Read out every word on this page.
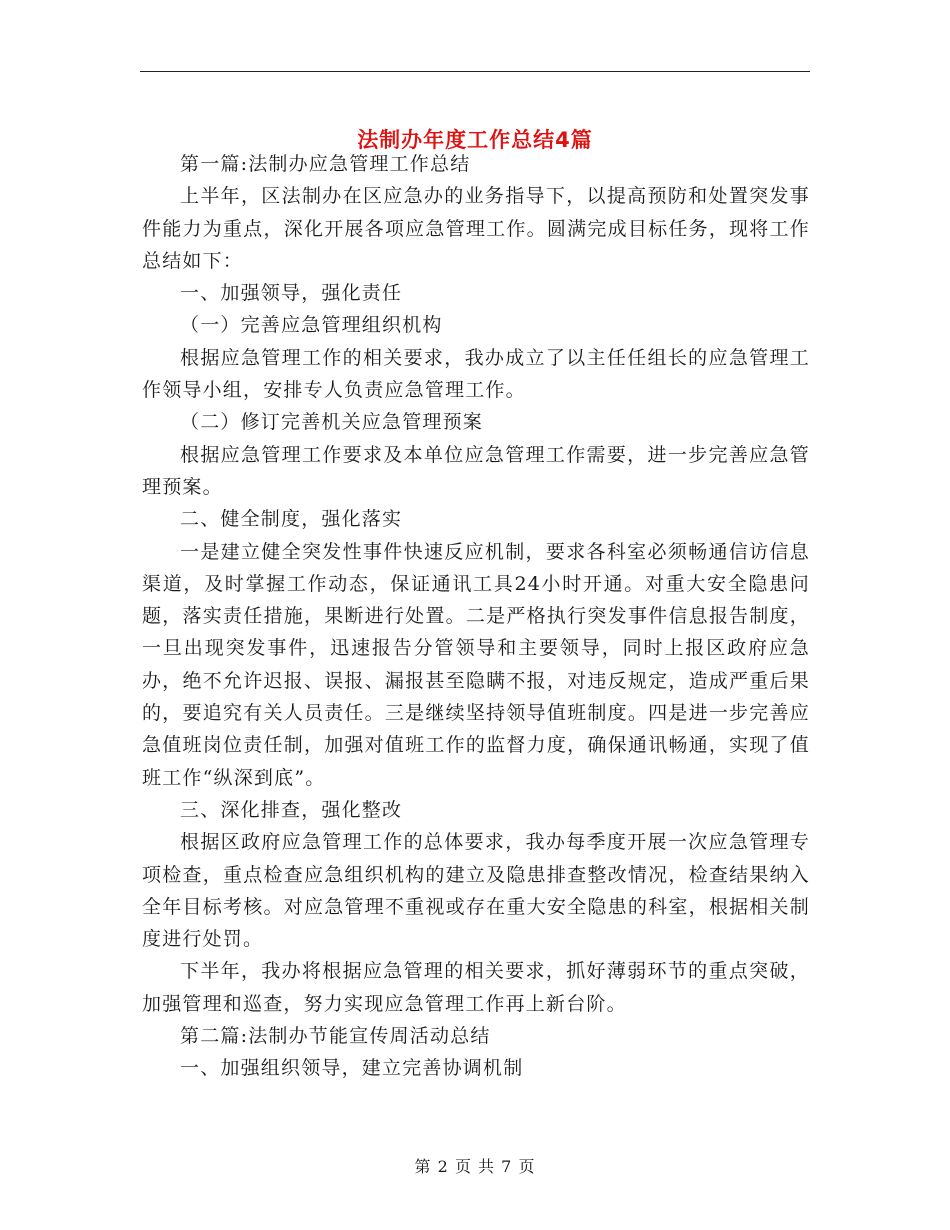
法制办年度工作总结4篇

第一篇:法制办应急管理工作总结

上半年，区法制办在区应急办的业务指导下，以提高预防和处置突发事件能力为重点，深化开展各项应急管理工作。圆满完成目标任务，现将工作总结如下：

一、加强领导，强化责任

（一）完善应急管理组织机构

根据应急管理工作的相关要求，我办成立了以主任任组长的应急管理工作领导小组，安排专人负责应急管理工作。

（二）修订完善机关应急管理预案

根据应急管理工作要求及本单位应急管理工作需要，进一步完善应急管理预案。

二、健全制度，强化落实

一是建立健全突发性事件快速反应机制，要求各科室必须畅通信访信息渠道，及时掌握工作动态，保证通讯工具24小时开通。对重大安全隐患问题，落实责任措施，果断进行处置。二是严格执行突发事件信息报告制度，一旦出现突发事件，迅速报告分管领导和主要领导，同时上报区政府应急办，绝不允许迟报、误报、漏报甚至隐瞒不报，对违反规定，造成严重后果的，要追究有关人员责任。三是继续坚持领导值班制度。四是进一步完善应急值班岗位责任制，加强对值班工作的监督力度，确保通讯畅通，实现了值班工作“纵深到底”。

三、深化排查，强化整改

根据区政府应急管理工作的总体要求，我办每季度开展一次应急管理专项检查，重点检查应急组织机构的建立及隐患排查整改情况，检查结果纳入全年目标考核。对应急管理不重视或存在重大安全隐患的科室，根据相关制度进行处罚。

下半年，我办将根据应急管理的相关要求，抓好薄弱环节的重点突破，加强管理和巡查，努力实现应急管理工作再上新台阶。

第二篇:法制办节能宣传周活动总结

一、加强组织领导，建立完善协调机制

第 2 页 共 7 页
